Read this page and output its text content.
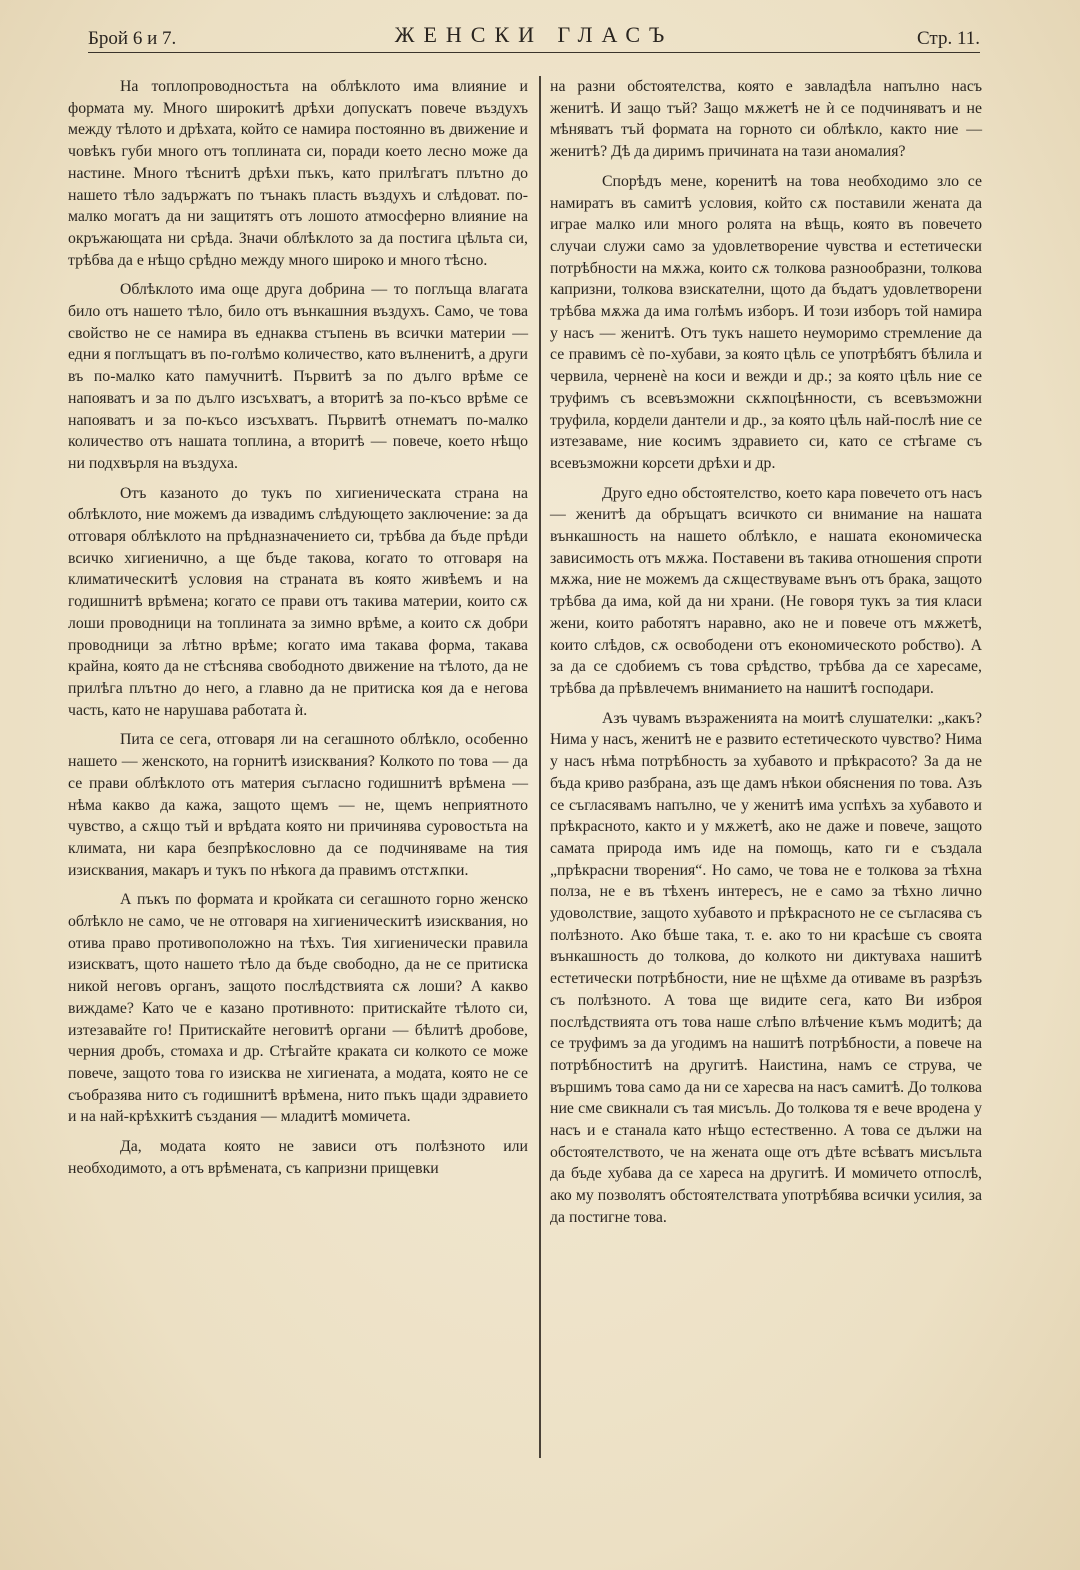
Брой 6 и 7.	ЖЕНСКИ ГЛАСЪ	Стр. 11.

На топлопроводностьта на облѣклото има влияние и формата му. Много широкитѣ дрѣхи допускатъ повече въздухъ между тѣлото и дрѣхата, който се намира постоянно въ движение и човѣкъ губи много отъ топлината си, поради което лесно може да настине. Много тѣснитѣ дрѣхи пъкъ, като прилѣгатъ плътно до нашето тѣло задържатъ по тънакъ пласть въздухъ и слѣдоват. по-малко могатъ да ни защитятъ отъ лошото атмосферно влияние на окръжающата ни срѣда. Значи облѣклото за да постига цѣльта си, трѣбва да е нѣщо срѣдно между много широко и много тѣсно.

Облѣклото има още друга добрина — то поглъща влагата било отъ нашето тѣло, било отъ вънкашния въздухъ. Само, че това свойство не се намира въ еднаква стъпень въ всички материи — едни я поглъщатъ въ по-голѣмо количество, като вълненитѣ, а други въ по-малко като памучнитѣ. Първитѣ за по дълго врѣме се напояватъ и за по дълго изсъхватъ, а вторитѣ за по-късо врѣме се напояватъ и за по-късо изсъхватъ. Първитѣ отнематъ по-малко количество отъ нашата топлина, а вторитѣ — повече, което нѣщо ни подхвърля на въздуха.

Отъ казаното до тукъ по хигиеническата страна на облѣклото, ние можемъ да извадимъ слѣдующето заключение: за да отговаря облѣклото на прѣдназначението си, трѣбва да бъде прѣди всичко хигиенично, а ще бъде такова, когато то отговаря на климатическитѣ условия на страната въ която живѣемъ и на годишнитѣ врѣмена; когато се прави отъ такива материи, които сѫ лоши проводници на топлината за зимно врѣме, а които сѫ добри проводници за лѣтно врѣме; когато има такава форма, такава крайна, която да не стѣснява свободното движение на тѣлото, да не прилѣга плътно до него, а главно да не притиска коя да е негова часть, като не нарушава работата ѝ.

Пита се сега, отговаря ли на сегашното облѣкло, особенно нашето — женското, на горнитѣ изисквания? Колкото по това — да се прави облѣклото отъ материя съгласно годишнитѣ врѣмена — нѣма какво да кажа, защото щемъ — не, щемъ неприятното чувство, а сѫщо тъй и врѣдата която ни причинява суровостьта на климата, ни кара безпрѣкословно да се подчиняваме на тия изисквания, макаръ и тукъ по нѣкога да правимъ отстѫпки.

А пъкъ по формата и кройката си сегашното горно женско облѣкло не само, че не отговаря на хигиеническитѣ изисквания, но отива право противоположно на тѣхъ. Тия хигиенически правила изискватъ, щото нашето тѣло да бъде свободно, да не се притиска никой неговъ органъ, защото послѣдствията сѫ лоши? А какво виждаме? Като че е казано противното: притискайте тѣлото си, изтезавайте го! Притискайте неговитѣ органи — бѣлитѣ дробове, черния дробъ, стомаха и др. Стѣгайте краката си колкото се може повече, защото това го изисква не хигиената, а модата, която не се съобразява нито съ годишнитѣ врѣмена, нито пъкъ щади здравието и на най-крѣхкитѣ създания — младитѣ момичета.

Да, модата която не зависи отъ полѣзното или необходимото, а отъ врѣмената, съ капризни прищевки

на разни обстоятелства, която е завладѣла напълно насъ женитѣ. И защо тъй? Защо мѫжетѣ не ѝ се подчиняватъ и не мѣняватъ тъй формата на горното си облѣкло, както ние — женитѣ? Дѣ да диримъ причината на тази аномалия?

Спорѣдъ мене, коренитѣ на това необходимо зло се намиратъ въ самитѣ условия, който сѫ поставили жената да играе малко или много ролята на вѣщь, която въ повечето случаи служи само за удовлетворение чувства и естетически потрѣбности на мѫжа, които сѫ толкова разнообразни, толкова капризни, толкова взискателни, щото да бъдатъ удовлетворени трѣбва мѫжа да има голѣмъ изборъ. И този изборъ той намира у насъ — женитѣ. Отъ тукъ нашето неуморимо стремление да се правимъ сѐ по-хубави, за която цѣль се употрѣбятъ бѣлила и червила, черненѐ на коси и вежди и др.; за която цѣль ние се труфимъ съ всевъзможни скѫпоцѣнности, съ всевъзможни труфила, кордели дантели и др., за която цѣль най-послѣ ние се изтезаваме, ние косимъ здравието си, като се стѣгаме съ всевъзможни корсети дрѣхи и др.

Друго едно обстоятелство, което кара повечето отъ насъ — женитѣ да обръщатъ всичкото си внимание на нашата вънкашность на нашето облѣкло, е нашата економическа зависимость отъ мѫжа. Поставени въ такива отношения спроти мѫжа, ние не можемъ да сѫществуваме вънъ отъ брака, защото трѣбва да има, кой да ни храни. (Не говоря тукъ за тия класи жени, които работятъ наравно, ако не и повече отъ мѫжетѣ, които слѣдов, сѫ освободени отъ економическото робство). А за да се сдобиемъ съ това срѣдство, трѣбва да се харесаме, трѣбва да прѣвлечемъ вниманието на нашитѣ господари.

Азъ чувамъ възраженията на моитѣ слушателки: „какъ? Нима у насъ, женитѣ не е развито естетическото чувство? Нима у насъ нѣма потрѣбность за хубавото и прѣкрасото? За да не бъда криво разбрана, азъ ще дамъ нѣкои обяснения по това. Азъ се съгласявамъ напълно, че у женитѣ има успѣхъ за хубавото и прѣкрасното, както и у мѫжетѣ, ако не даже и повече, защото самата природа имъ иде на помощь, като ги е създала „прѣкрасни творения“. Но само, че това не е толкова за тѣхна полза, не е въ тѣхенъ интересъ, не е само за тѣхно лично удоволствие, защото хубавото и прѣкрасното не се съгласява съ полѣзното. Ако бѣше така, т. е. ако то ни красѣше съ своята вънкашность до толкова, до колкото ни диктуваха нашитѣ естетически потрѣбности, ние не щѣхме да отиваме въ разрѣзъ съ полѣзното. А това ще видите сега, като Ви изброя послѣдствията отъ това наше слѣпо влѣчение къмъ модитѣ; да се труфимъ за да угодимъ на нашитѣ потрѣбности, а повече на потрѣбноститѣ на другитѣ. Наистина, намъ се струва, че вършимъ това само да ни се харесва на насъ самитѣ. До толкова ние сме свикнали съ тая мисъль. До толкова тя е вече вродена у насъ и е станала като нѣщо естественно. А това се дължи на обстоятелството, че на жената още отъ дѣте всѣватъ мисъльта да бъде хубава да се хареса на другитѣ. И момичето отпослѣ, ако му позволятъ обстоятелствата употрѣбява всички усилия, за да постигне това.
